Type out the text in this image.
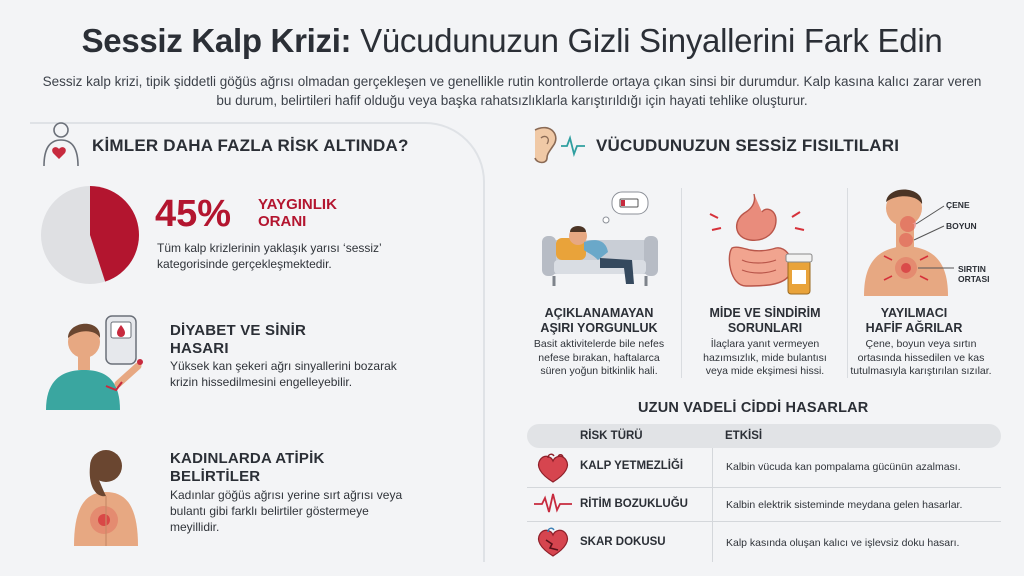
Sessiz Kalp Krizi: Vücudunuzun Gizli Sinyallerini Fark Edin
Sessiz kalp krizi, tipik şiddetli göğüs ağrısı olmadan gerçekleşen ve genellikle rutin kontrollerde ortaya çıkan sinsi bir durumdur. Kalp kasına kalıcı zarar veren bu durum, belirtileri hafif olduğu veya başka rahatsızlıklarla karıştırıldığı için hayati tehlike oluşturur.
KİMLER DAHA FAZLA RİSK ALTINDA?
45% YAYGINLIK ORANI
Tüm kalp krizlerinin yaklaşık yarısı ‘sessiz’ kategorisinde gerçekleşmektedir.
DİYABET VE SİNİR HASARI
Yüksek kan şekeri ağrı sinyallerini bozarak krizin hissedilmesini engelleyebilir.
KADINLARDA ATİPİK BELİRTİLER
Kadınlar göğüs ağrısı yerine sırt ağrısı veya bulantı gibi farklı belirtiler göstermeye meyillidir.
VÜCUDUNUZUN SESSİZ FISILTILARI
AÇIKLANAMAYAN AŞIRI YORGUNLUK
Basit aktivitelerde bile nefes nefese bırakan, haftalarca süren yoğun bitkinlik hali.
MİDE VE SİNDİRİM SORUNLARI
İlaçlara yanıt vermeyen hazımsızlık, mide bulantısı veya mide ekşimesi hissi.
ÇENE
BOYUN
SIRTIN ORTASI
YAYILMACI HAFİF AĞRILAR
Çene, boyun veya sırtın ortasında hissedilen ve kas tutulmasıyla karıştırılan sızılar.
UZUN VADELİ CİDDİ HASARLAR
RİSK TÜRÜ	ETKİSİ
KALP YETMEZLİĞİ	Kalbin vücuda kan pompalama gücünün azalması.
RİTİM BOZUKLUĞU	Kalbin elektrik sisteminde meydana gelen hasarlar.
SKAR DOKUSU	Kalp kasında oluşan kalıcı ve işlevsiz doku hasarı.
